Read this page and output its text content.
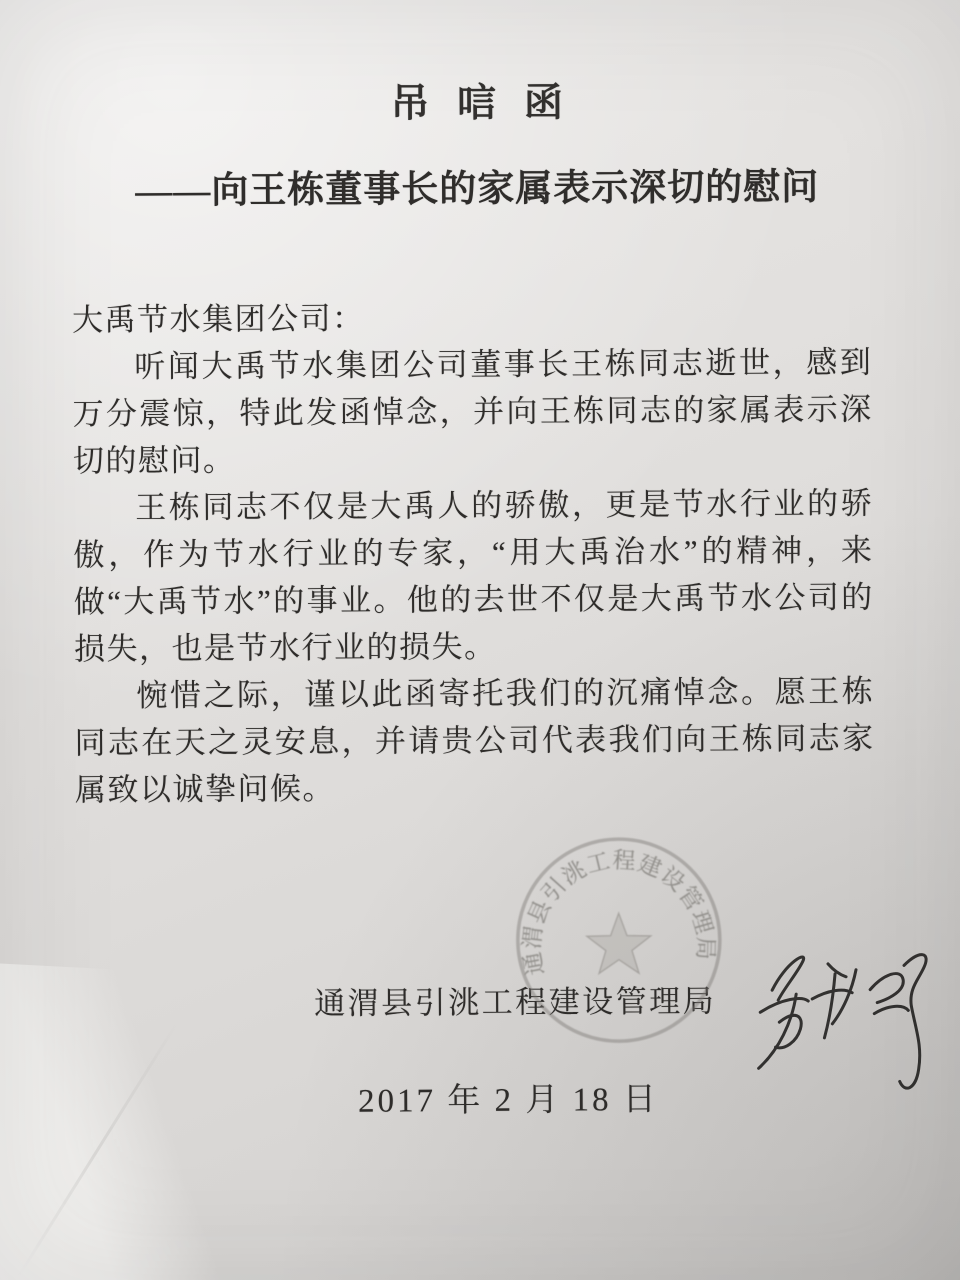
吊 唁 函
——向王栋董事长的家属表示深切的慰问

大禹节水集团公司：

听闻大禹节水集团公司董事长王栋同志逝世，感到万分震惊，特此发函悼念，并向王栋同志的家属表示深切的慰问。

王栋同志不仅是大禹人的骄傲，更是节水行业的骄傲，作为节水行业的专家，“用大禹治水”的精神，来做“大禹节水”的事业。他的去世不仅是大禹节水公司的损失，也是节水行业的损失。

惋惜之际，谨以此函寄托我们的沉痛悼念。愿王栋同志在天之灵安息，并请贵公司代表我们向王栋同志家属致以诚挚问候。

通渭县引洮工程建设管理局
2017 年 2 月 18 日
通渭县引洮工程建设管理局
